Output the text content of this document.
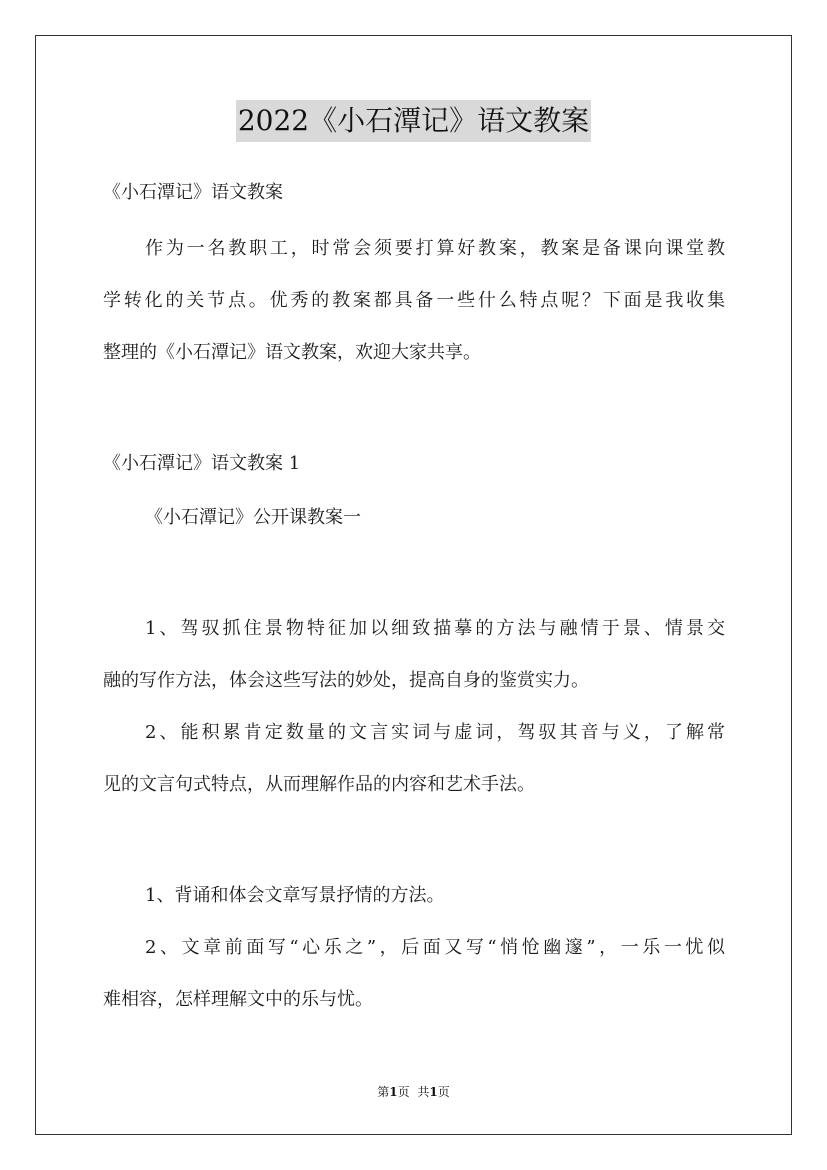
2022《小石潭记》语文教案
《小石潭记》语文教案
作为一名教职工，时常会须要打算好教案，教案是备课向课堂教
学转化的关节点。优秀的教案都具备一些什么特点呢？下面是我收集
整理的《小石潭记》语文教案，欢迎大家共享。
《小石潭记》语文教案 1
《小石潭记》公开课教案一
1、驾驭抓住景物特征加以细致描摹的方法与融情于景、情景交
融的写作方法，体会这些写法的妙处，提高自身的鉴赏实力。
2、能积累肯定数量的文言实词与虚词，驾驭其音与义，了解常
见的文言句式特点，从而理解作品的内容和艺术手法。
1、背诵和体会文章写景抒情的方法。
2、文章前面写“心乐之”，后面又写“悄怆幽邃”，一乐一忧似
难相容，怎样理解文中的乐与忧。
第1页 共1页
